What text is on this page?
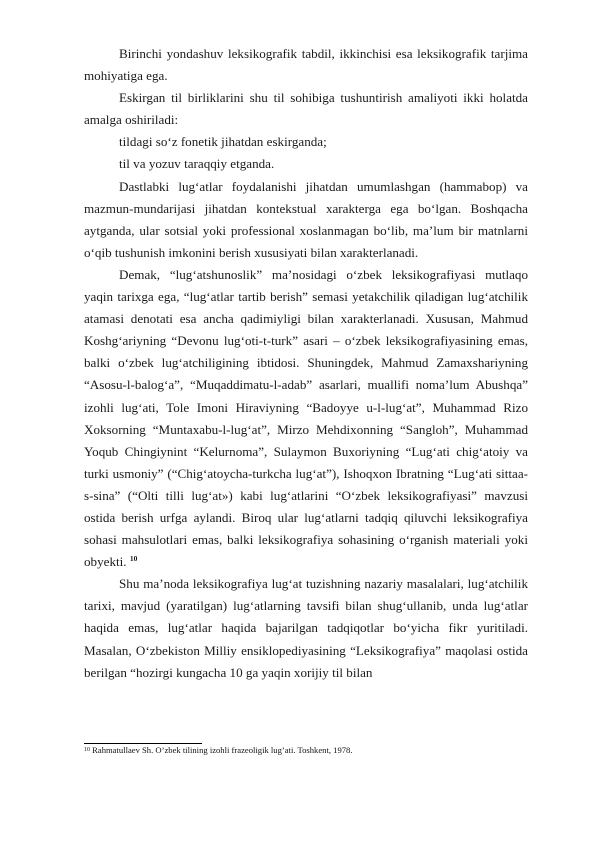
Birinchi yondashuv leksikografik tabdil, ikkinchisi esa leksikografik tarjima mohiyatiga ega.

Eskirgan til birliklarini shu til sohibiga tushuntirish amaliyoti ikki holatda amalga oshiriladi:

tildagi so‘z fonetik jihatdan eskirganda;

til va yozuv taraqqiy etganda.

Dastlabki lug‘atlar foydalanishi jihatdan umumlashgan (hammabop) va mazmun-mundarijasi jihatdan kontekstual xarakterga ega bo‘lgan. Boshqacha aytganda, ular sotsial yoki professional xoslanmagan bo‘lib, ma’lum bir matnlarni o‘qib tushunish imkonini berish xususiyati bilan xarakterlanadi.

Demak, “lug‘atshunoslik” ma’nosidagi o‘zbek leksikografiyasi mutlaqo yaqin tarixga ega, “lug‘atlar tartib berish” semasi yetakchilik qiladigan lug‘atchilik atamasi denotati esa ancha qadimiyligi bilan xarakterlanadi. Xususan, Mahmud Koshg‘ariyning “Devonu lug‘oti-t-turk” asari – o‘zbek leksikografiyasining emas, balki o‘zbek lug‘atchiligining ibtidosi. Shuningdek, Mahmud Zamaxshariyning “Asosu-l-balog‘a”, “Muqaddimatu-l-adab” asarlari, muallifi noma’lum Abushqa” izohli lug‘ati, Tole Imoni Hiraviyning “Badoyye u-l-lug‘at”, Muhammad Rizo Xoksorning “Muntaxabu-l-lug‘at”, Mirzo Mehdixonning “Sangloh”, Muhammad Yoqub Chingiynint “Kelurnoma”, Sulaymon Buxoriyning “Lug‘ati chig‘atoiy va turki usmoniy” (“Chig‘atoycha-turkcha lug‘at”), Ishoqxon Ibratning “Lug‘ati sittaa-s-sina” (“Olti tilli lug‘at») kabi lug‘atlarini “O‘zbek leksikografiyasi” mavzusi ostida berish urfga aylandi. Biroq ular lug‘atlarni tadqiq qiluvchi leksikografiya sohasi mahsulotlari emas, balki leksikografiya sohasining o‘rganish materiali yoki obyekti. $^{10}$

Shu ma’noda leksikografiya lug‘at tuzishning nazariy masalalari, lug‘atchilik tarixi, mavjud (yaratilgan) lug‘atlarning tavsifi bilan shug‘ullanib, unda lug‘atlar haqida emas, lug‘atlar haqida bajarilgan tadqiqotlar bo‘yicha fikr yuritiladi. Masalan, O‘zbekiston Milliy ensiklopediyasining “Leksikografiya” maqolasi ostida berilgan “hozirgi kungacha 10 ga yaqin xorijiy til bilan

$^{10}$ Rahmatullaev Sh. O’zbek tilining izohli frazeoligik lug’ati. Toshkent, 1978.
